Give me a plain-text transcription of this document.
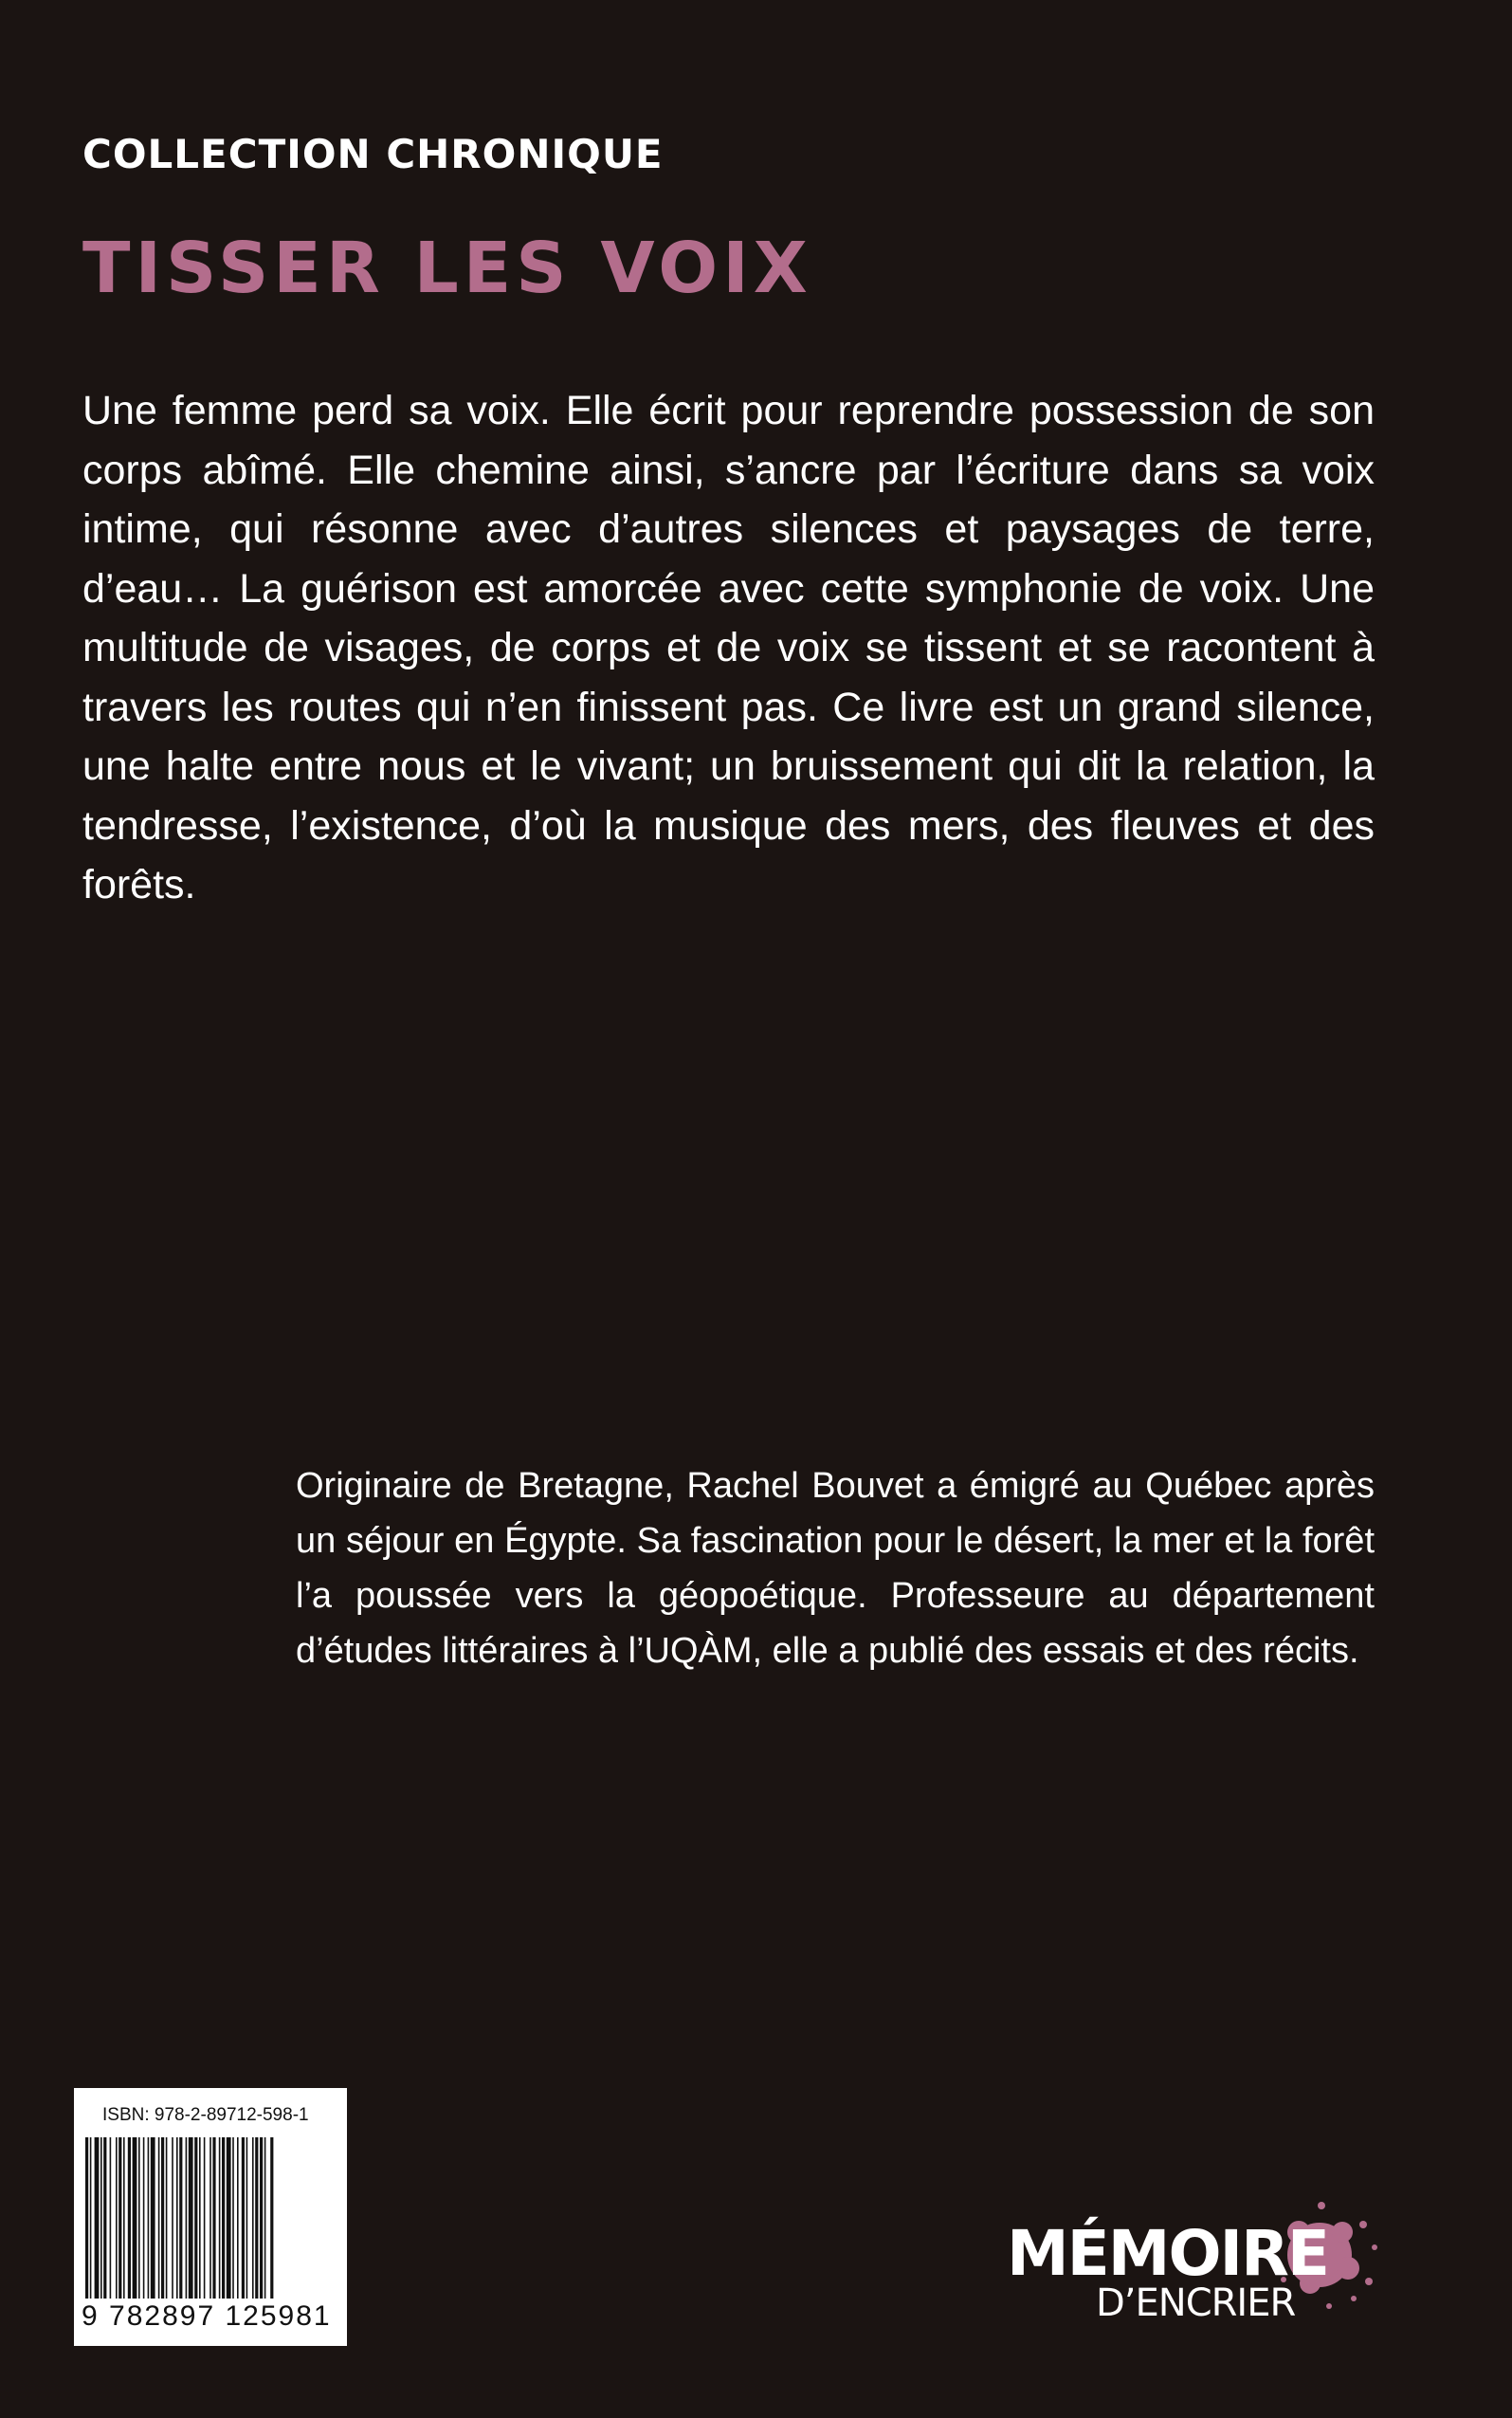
COLLECTION CHRONIQUE
TISSER LES VOIX
Une femme perd sa voix. Elle écrit pour reprendre possession de son corps abîmé. Elle chemine ainsi, s’ancre par l’écriture dans sa voix intime, qui résonne avec d’autres silences et paysages de terre, d’eau… La guérison est amorcée avec cette symphonie de voix. Une multitude de visages, de corps et de voix se tissent et se racontent à travers les routes qui n’en finissent pas. Ce livre est un grand silence, une halte entre nous et le vivant; un bruissement qui dit la relation, la tendresse, l’existence, d’où la musique des mers, des fleuves et des forêts.
Originaire de Bretagne, Rachel Bouvet a émigré au Québec après un séjour en Égypte. Sa fascination pour le désert, la mer et la forêt l’a poussée vers la géopoétique. Professeure au département d’études littéraires à l’UQÀM, elle a publié des essais et des récits.
ISBN: 978-2-89712-598-1
9 782897 125981
MÉMOIRE
D’ENCRIER
